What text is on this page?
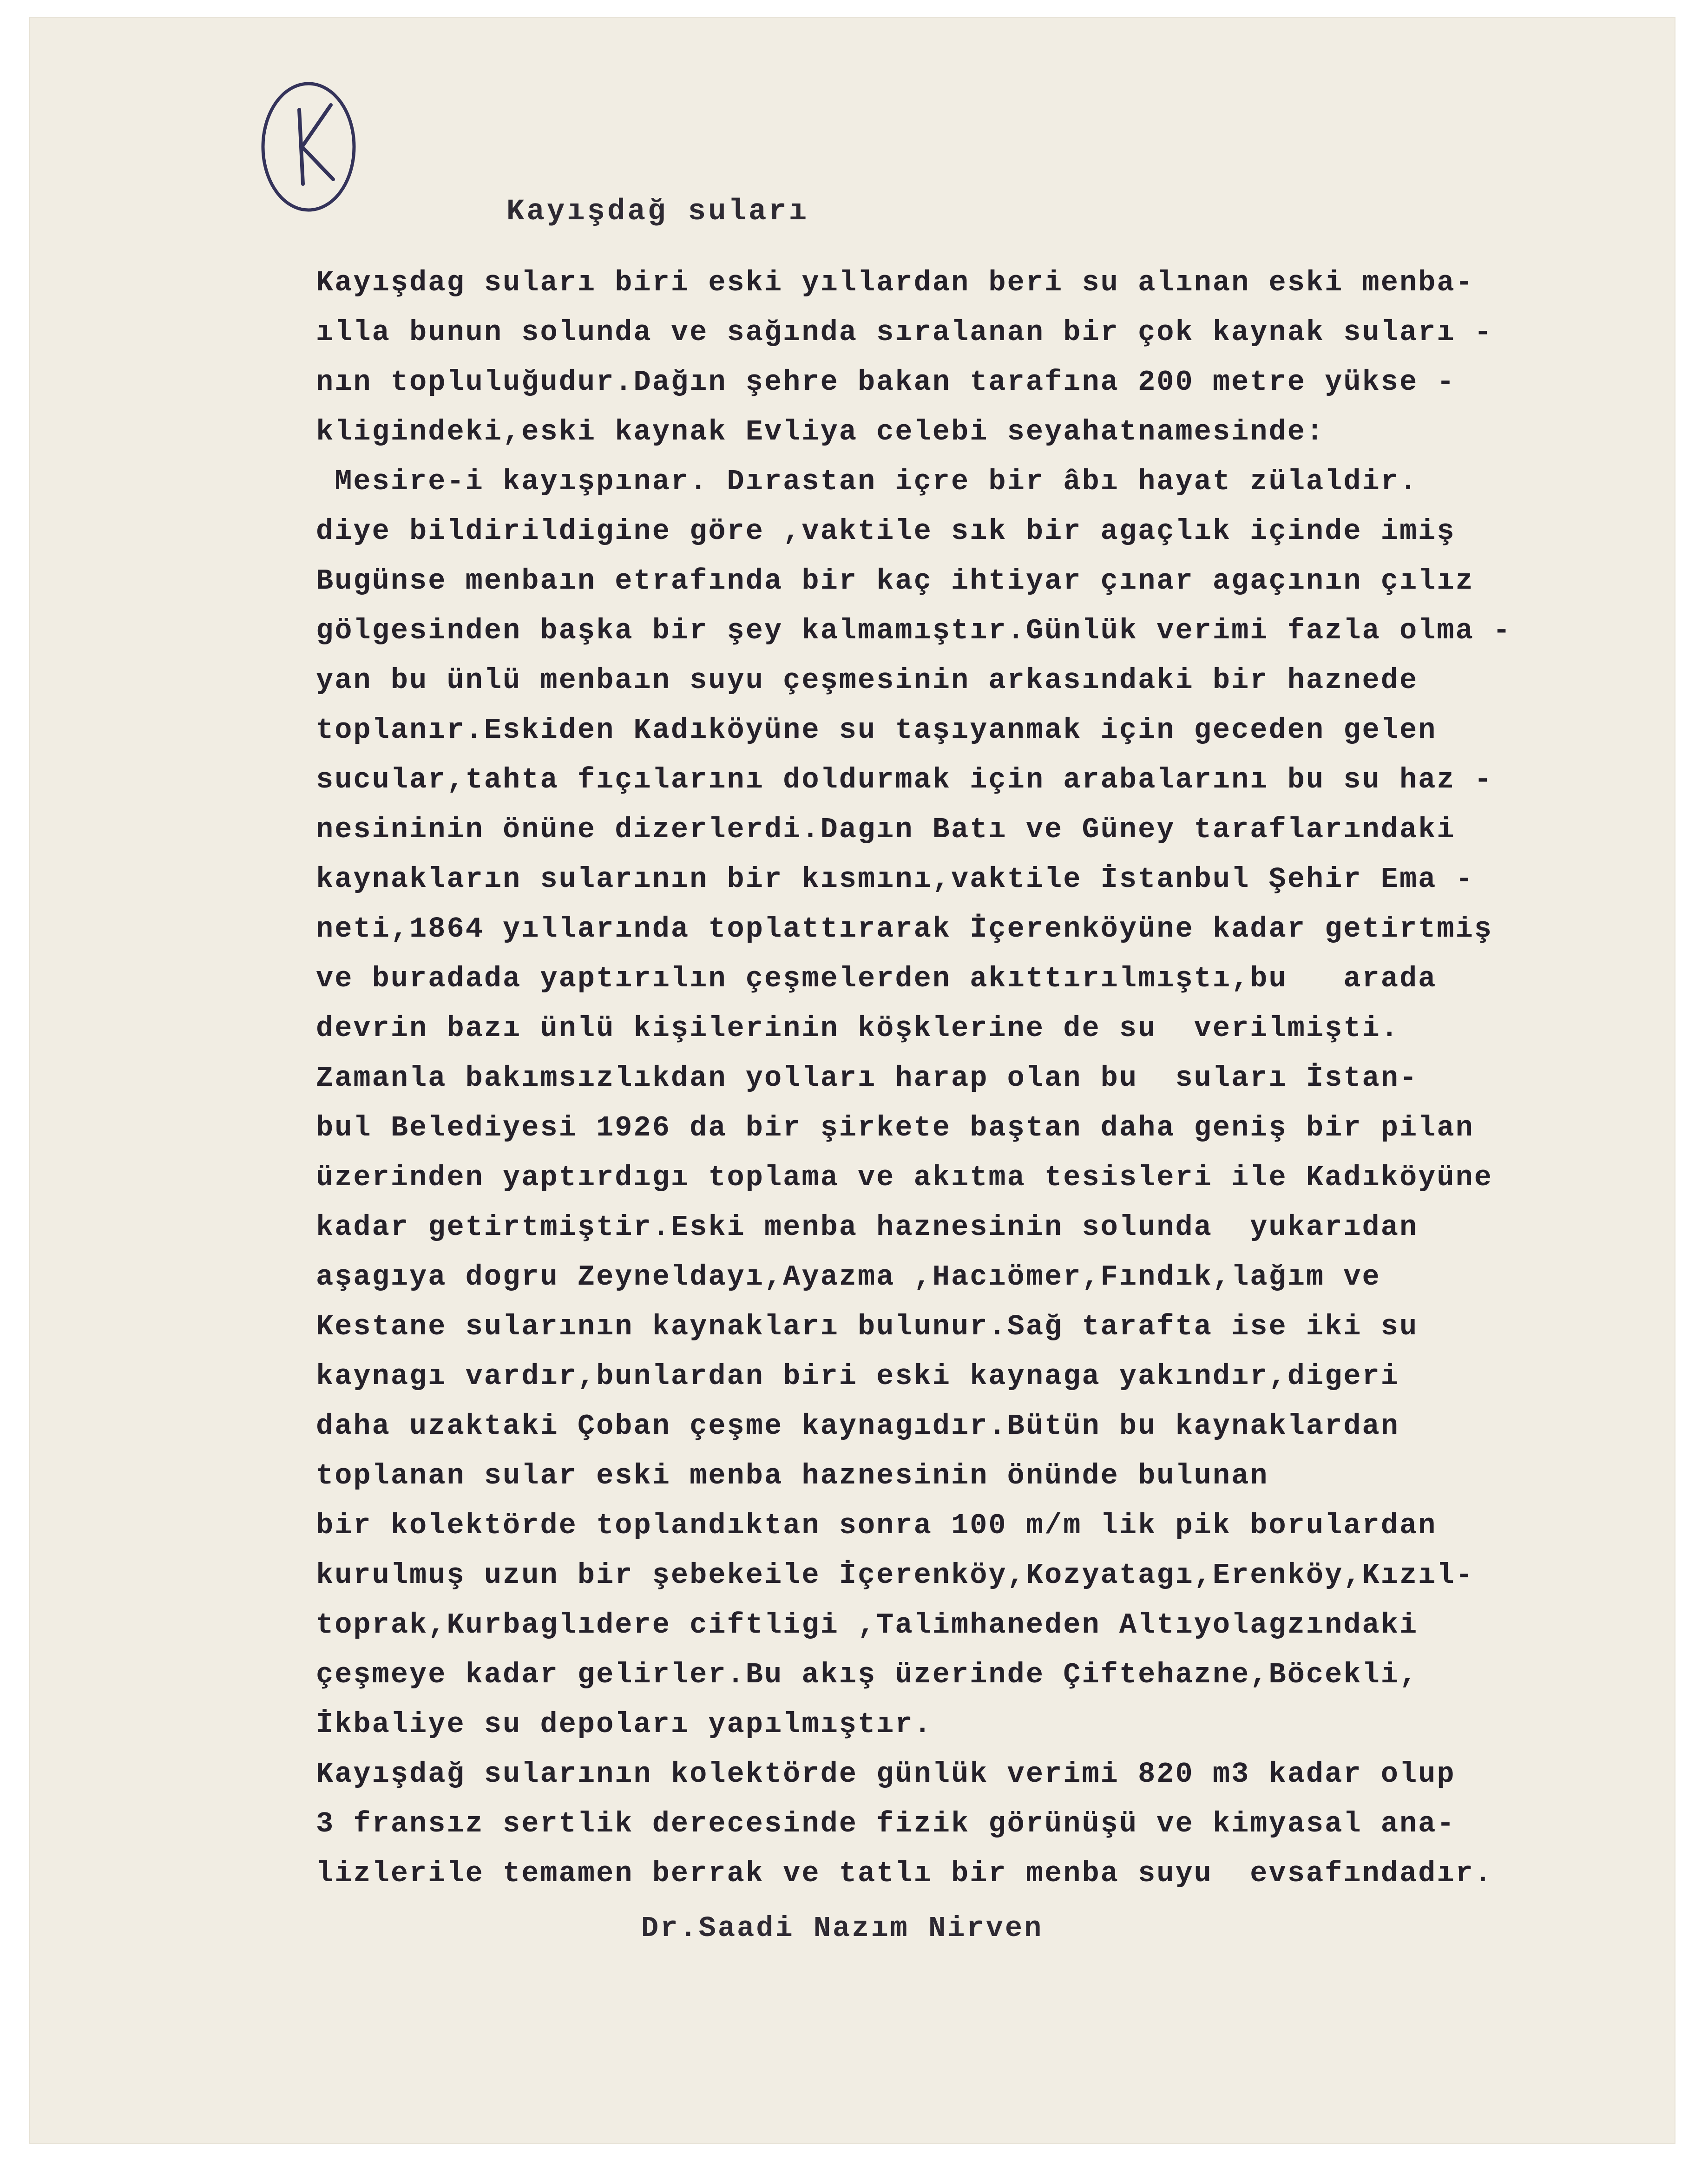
Kayışdağ suları
Kayışdag suları biri eski yıllardan beri su alınan eski menba-
ılla bunun solunda ve sağında sıralanan bir çok kaynak suları -
nın topluluğudur.Dağın şehre bakan tarafına 200 metre yükse -
kligindeki,eski kaynak Evliya celebi seyahatnamesinde:
Mesire-i kayışpınar. Dırastan içre bir âbı hayat zülaldir.
diye bildirildigine göre ,vaktile sık bir agaçlık içinde imiş
Bugünse menbaın etrafında bir kaç ihtiyar çınar agaçının çılız
gölgesinden başka bir şey kalmamıştır.Günlük verimi fazla olma -
yan bu ünlü menbaın suyu çeşmesinin arkasındaki bir haznede
toplanır.Eskiden Kadıköyüne su taşıyanmak için geceden gelen
sucular,tahta fıçılarını doldurmak için arabalarını bu su haz -
nesininin önüne dizerlerdi.Dagın Batı ve Güney taraflarındaki
kaynakların sularının bir kısmını,vaktile İstanbul Şehir Ema -
neti,1864 yıllarında toplattırarak İçerenköyüne kadar getirtmiş
ve buradada yaptırılın çeşmelerden akıttırılmıştı,bu   arada
devrin bazı ünlü kişilerinin köşklerine de su  verilmişti.
Zamanla bakımsızlıkdan yolları harap olan bu  suları İstan-
bul Belediyesi 1926 da bir şirkete baştan daha geniş bir pilan
üzerinden yaptırdıgı toplama ve akıtma tesisleri ile Kadıköyüne
kadar getirtmiştir.Eski menba haznesinin solunda  yukarıdan
aşagıya dogru Zeyneldayı,Ayazma ,Hacıömer,Fındık,lağım ve
Kestane sularının kaynakları bulunur.Sağ tarafta ise iki su
kaynagı vardır,bunlardan biri eski kaynaga yakındır,digeri
daha uzaktaki Çoban çeşme kaynagıdır.Bütün bu kaynaklardan
toplanan sular eski menba haznesinin önünde bulunan
bir kolektörde toplandıktan sonra 100 m/m lik pik borulardan
kurulmuş uzun bir şebekeile İçerenköy,Kozyatagı,Erenköy,Kızıl-
toprak,Kurbaglıdere ciftligi ,Talimhaneden Altıyolagzındaki
çeşmeye kadar gelirler.Bu akış üzerinde Çiftehazne,Böcekli,
İkbaliye su depoları yapılmıştır.
Kayışdağ sularının kolektörde günlük verimi 820 m3 kadar olup
3 fransız sertlik derecesinde fizik görünüşü ve kimyasal ana-
lizlerile temamen berrak ve tatlı bir menba suyu  evsafındadır.
Dr.Saadi Nazım Nirven
